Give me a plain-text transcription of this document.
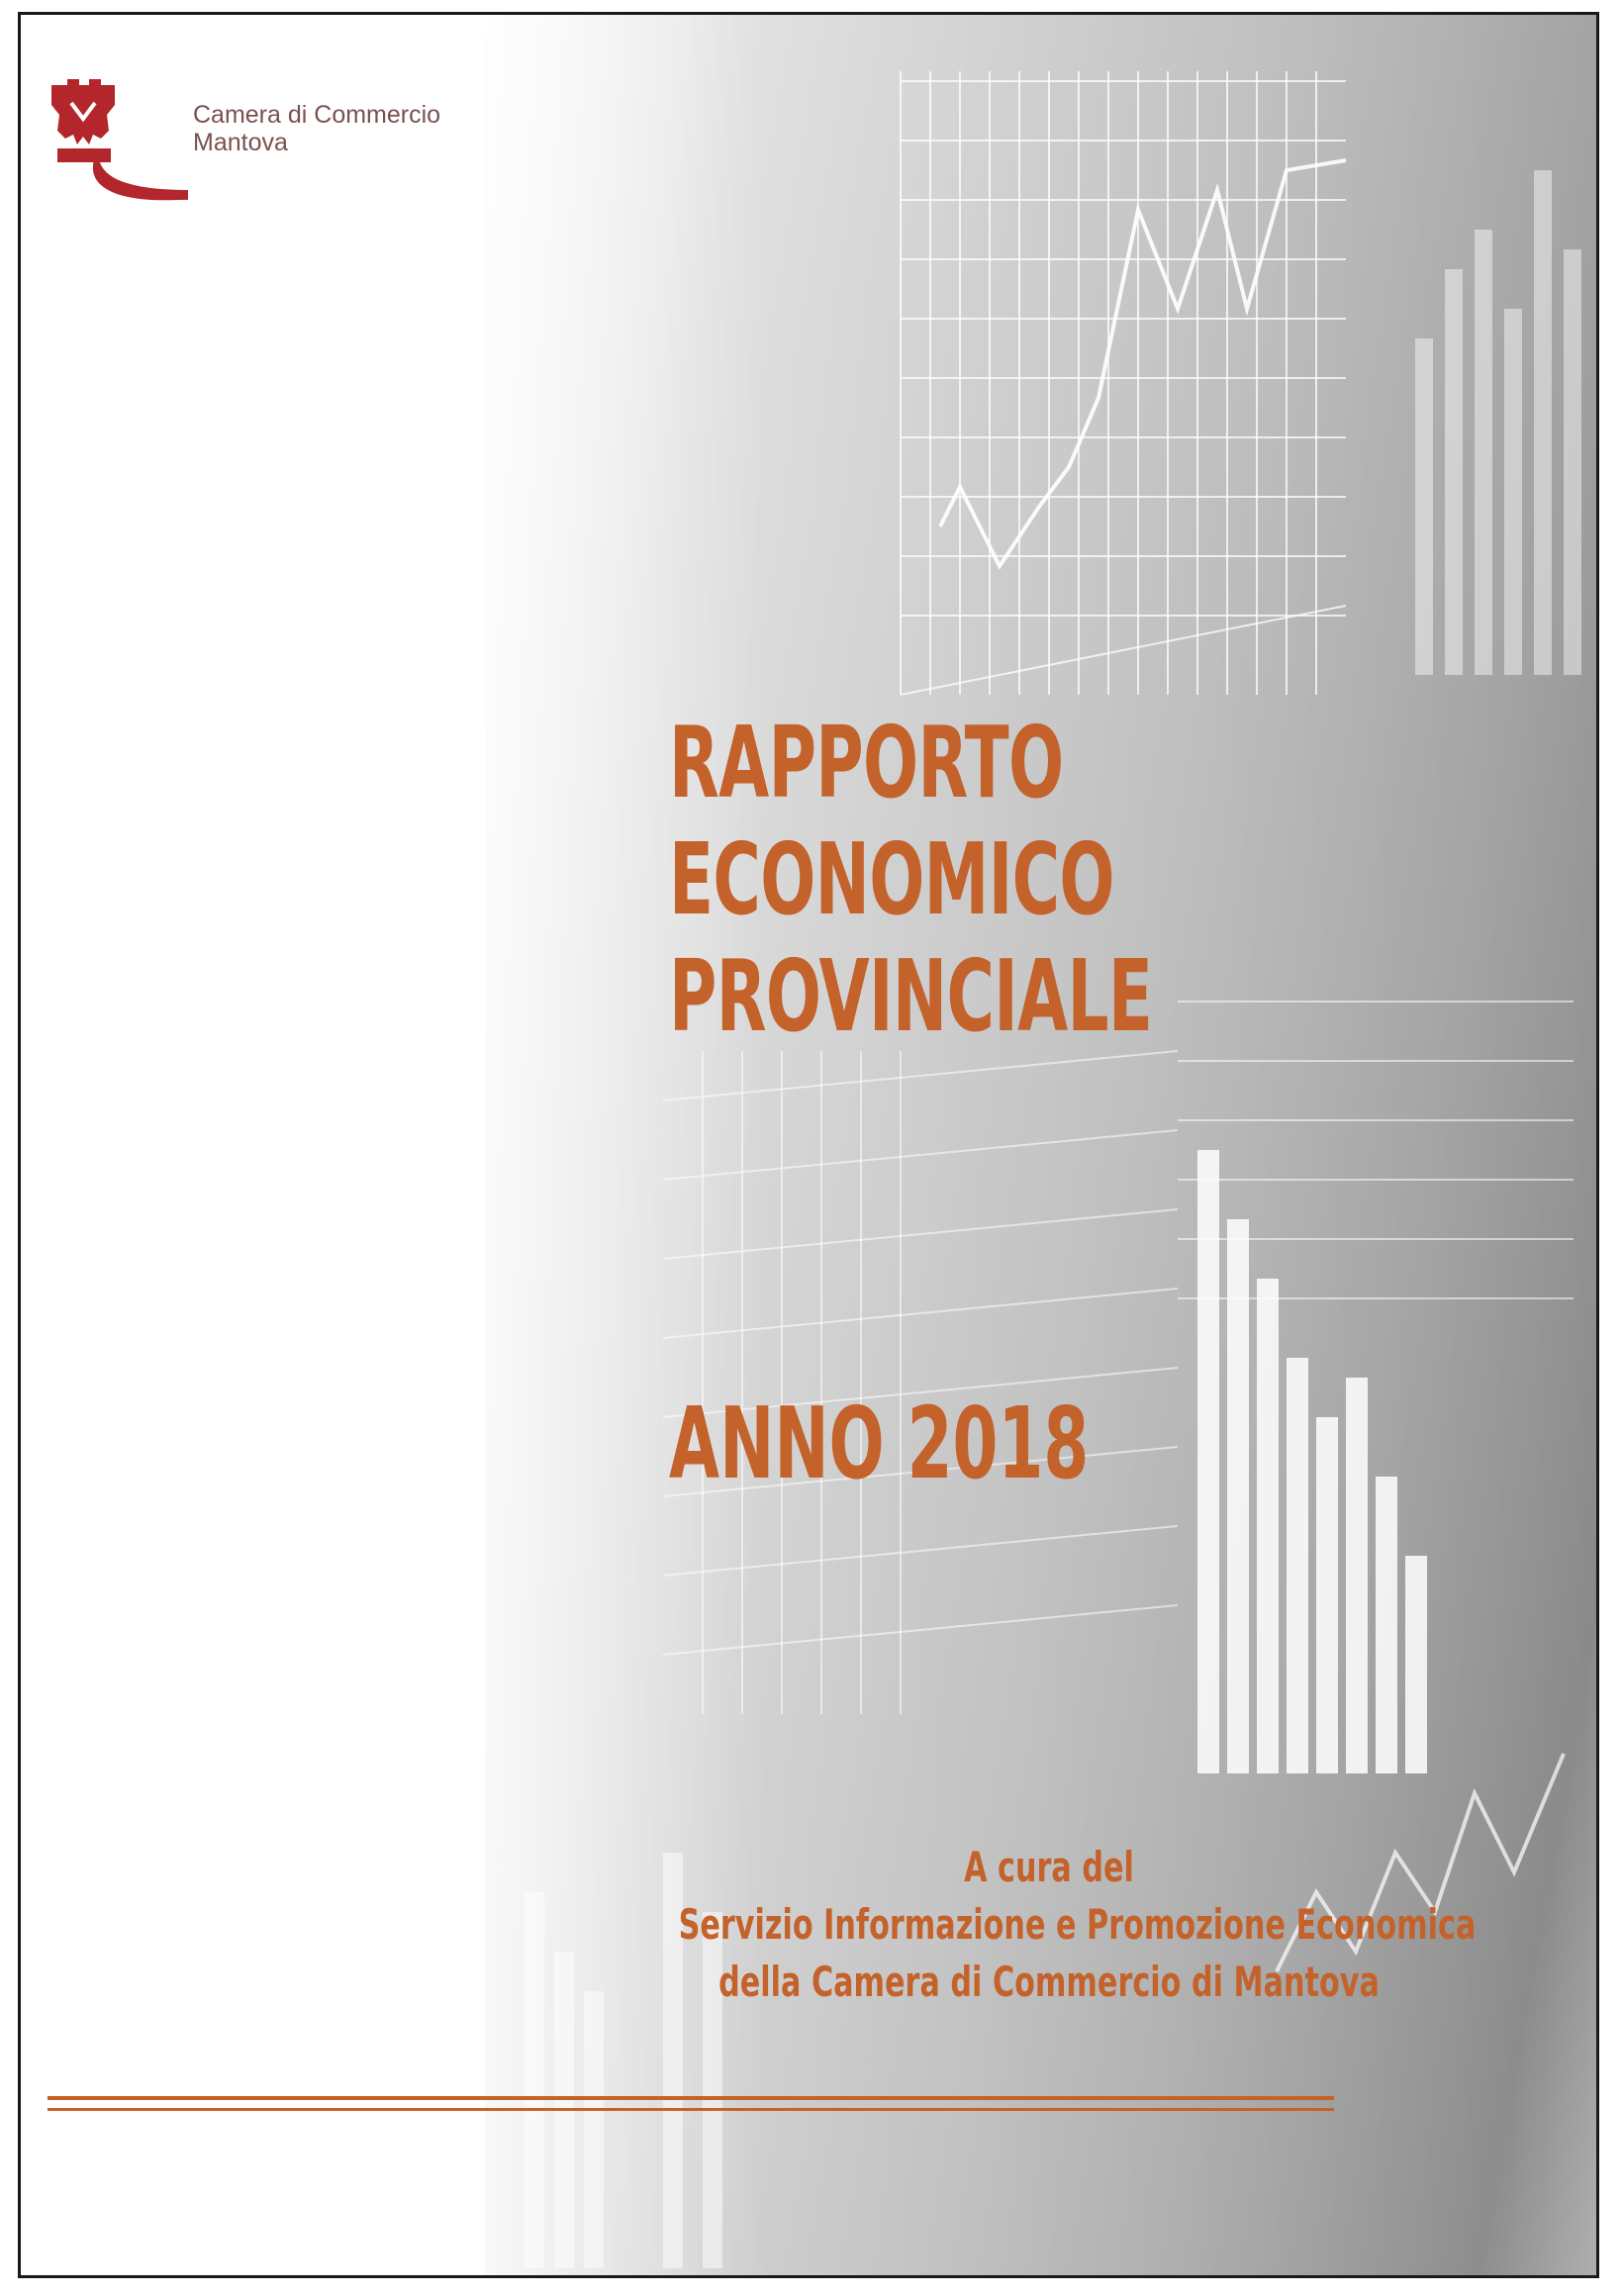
Camera di Commercio
Mantova
RAPPORTO
ECONOMICO
PROVINCIALE
ANNO 2018
A cura del
Servizio Informazione e Promozione Economica
della Camera di Commercio di Mantova
